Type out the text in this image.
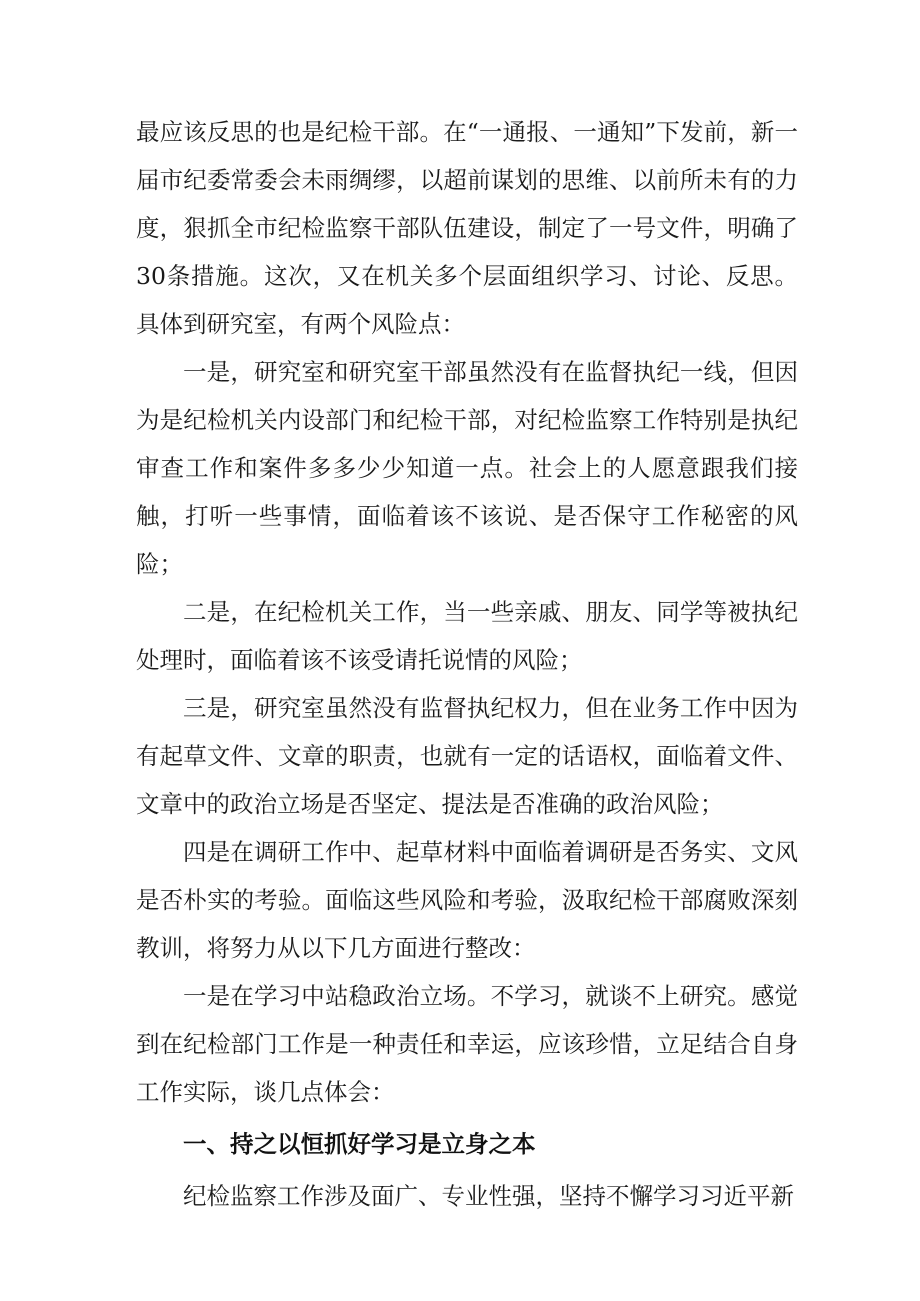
最应该反思的也是纪检干部。在“一通报、一通知”下发前，新一届市纪委常委会未雨绸缪，以超前谋划的思维、以前所未有的力度，狠抓全市纪检监察干部队伍建设，制定了一号文件，明确了30条措施。这次，又在机关多个层面组织学习、讨论、反思。具体到研究室，有两个风险点：

一是，研究室和研究室干部虽然没有在监督执纪一线，但因为是纪检机关内设部门和纪检干部，对纪检监察工作特别是执纪审查工作和案件多多少少知道一点。社会上的人愿意跟我们接触，打听一些事情，面临着该不该说、是否保守工作秘密的风险；

二是，在纪检机关工作，当一些亲戚、朋友、同学等被执纪处理时，面临着该不该受请托说情的风险；

三是，研究室虽然没有监督执纪权力，但在业务工作中因为有起草文件、文章的职责，也就有一定的话语权，面临着文件、文章中的政治立场是否坚定、提法是否准确的政治风险；

四是在调研工作中、起草材料中面临着调研是否务实、文风是否朴实的考验。面临这些风险和考验，汲取纪检干部腐败深刻教训，将努力从以下几方面进行整改：

一是在学习中站稳政治立场。不学习，就谈不上研究。感觉到在纪检部门工作是一种责任和幸运，应该珍惜，立足结合自身工作实际，谈几点体会：

一、持之以恒抓好学习是立身之本

纪检监察工作涉及面广、专业性强，坚持不懈学习习近平新
